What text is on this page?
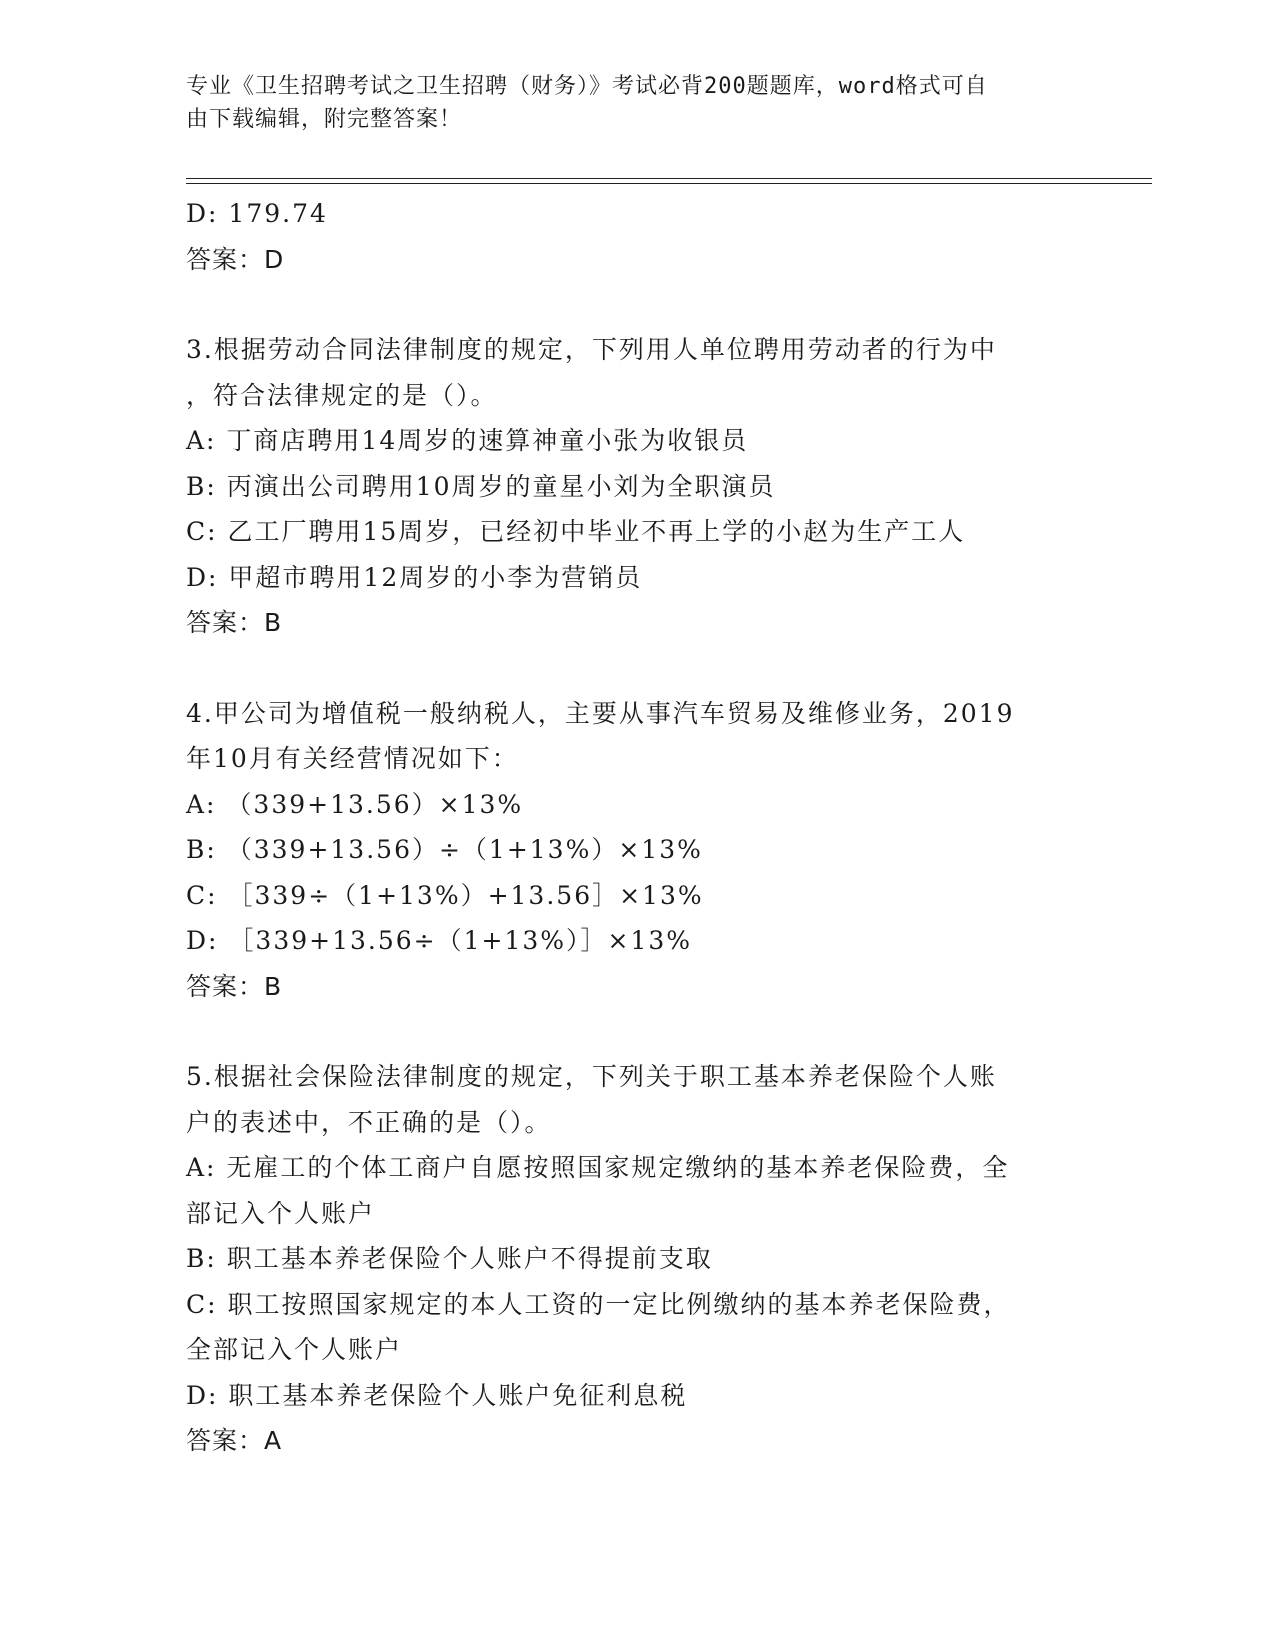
专业《卫生招聘考试之卫生招聘（财务）》考试必背200题题库，word格式可自
由下载编辑，附完整答案！
D: 179.74
答案：D
3.根据劳动合同法律制度的规定，下列用人单位聘用劳动者的行为中
，符合法律规定的是（）。
A: 丁商店聘用14周岁的速算神童小张为收银员
B: 丙演出公司聘用10周岁的童星小刘为全职演员
C: 乙工厂聘用15周岁，已经初中毕业不再上学的小赵为生产工人
D: 甲超市聘用12周岁的小李为营销员
答案：B
4.甲公司为增值税一般纳税人，主要从事汽车贸易及维修业务，2019
年10月有关经营情况如下：
A: （339+13.56）×13%
B: （339+13.56）÷（1+13%）×13%
C: ［339÷（1+13%）+13.56］×13%
D: ［339+13.56÷（1+13%）］×13%
答案：B
5.根据社会保险法律制度的规定，下列关于职工基本养老保险个人账
户的表述中，不正确的是（）。
A: 无雇工的个体工商户自愿按照国家规定缴纳的基本养老保险费，全
部记入个人账户
B: 职工基本养老保险个人账户不得提前支取
C: 职工按照国家规定的本人工资的一定比例缴纳的基本养老保险费，
全部记入个人账户
D: 职工基本养老保险个人账户免征利息税
答案：A
